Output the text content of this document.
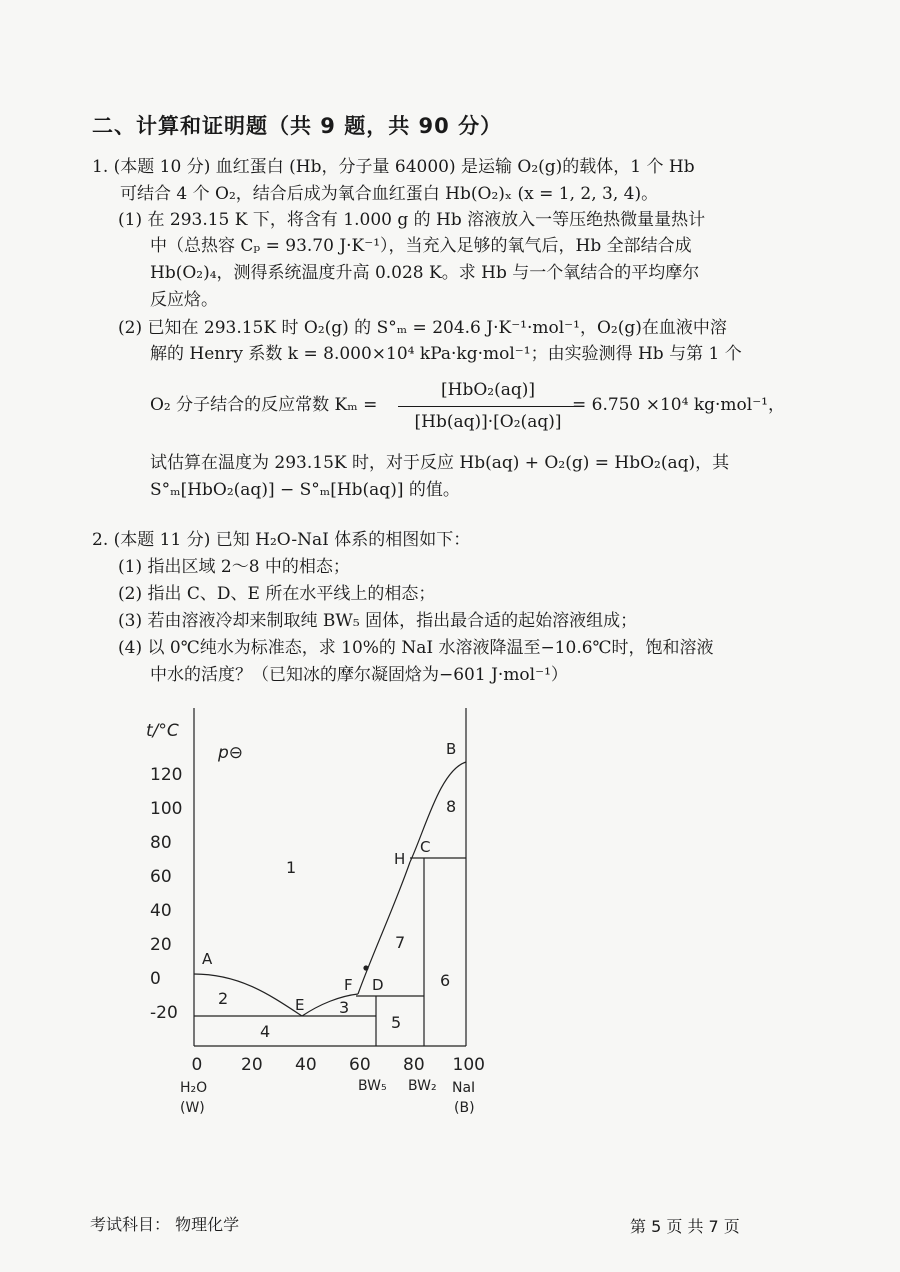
二、计算和证明题（共 9 题，共 90 分）
1. (本题 10 分) 血红蛋白 (Hb，分子量 64000) 是运输 O₂(g)的载体，1 个 Hb
可结合 4 个 O₂，结合后成为氧合血红蛋白 Hb(O₂)ₓ (x = 1, 2, 3, 4)。
(1) 在 293.15 K 下，将含有 1.000 g 的 Hb 溶液放入一等压绝热微量量热计
中（总热容 Cₚ = 93.70 J·K⁻¹），当充入足够的氧气后，Hb 全部结合成
Hb(O₂)₄，测得系统温度升高 0.028 K。求 Hb 与一个氧结合的平均摩尔
反应焓。
(2) 已知在 293.15K 时 O₂(g) 的 S°ₘ = 204.6 J·K⁻¹·mol⁻¹，O₂(g)在血液中溶
解的 Henry 系数 k = 8.000×10⁴ kPa·kg·mol⁻¹；由实验测得 Hb 与第 1 个
O₂ 分子结合的反应常数 Kₘ =
[HbO₂(aq)]
[Hb(aq)]·[O₂(aq)]
= 6.750 ×10⁴ kg·mol⁻¹，
试估算在温度为 293.15K 时，对于反应 Hb(aq) + O₂(g) = HbO₂(aq)，其
S°ₘ[HbO₂(aq)] − S°ₘ[Hb(aq)] 的值。
2. (本题 11 分) 已知 H₂O-NaI 体系的相图如下：
(1) 指出区域 2～8 中的相态；
(2) 指出 C、D、E 所在水平线上的相态；
(3) 若由溶液冷却来制取纯 BW₅ 固体，指出最合适的起始溶液组成；
(4) 以 0℃纯水为标准态，求 10%的 NaI 水溶液降温至−10.6℃时，饱和溶液
中水的活度？（已知冰的摩尔凝固焓为−601 J·mol⁻¹）
t/°C
p⊖
120
100
80
60
40
20
0
-20
0 20 40 60 80 100
H₂O
(W)
BW₅ BW₂ NaI
(B)
A
B
C
D
E
F
H
1
2	3
4	5
6
7
8
考试科目： 物理化学	第 5 页 共 7 页
